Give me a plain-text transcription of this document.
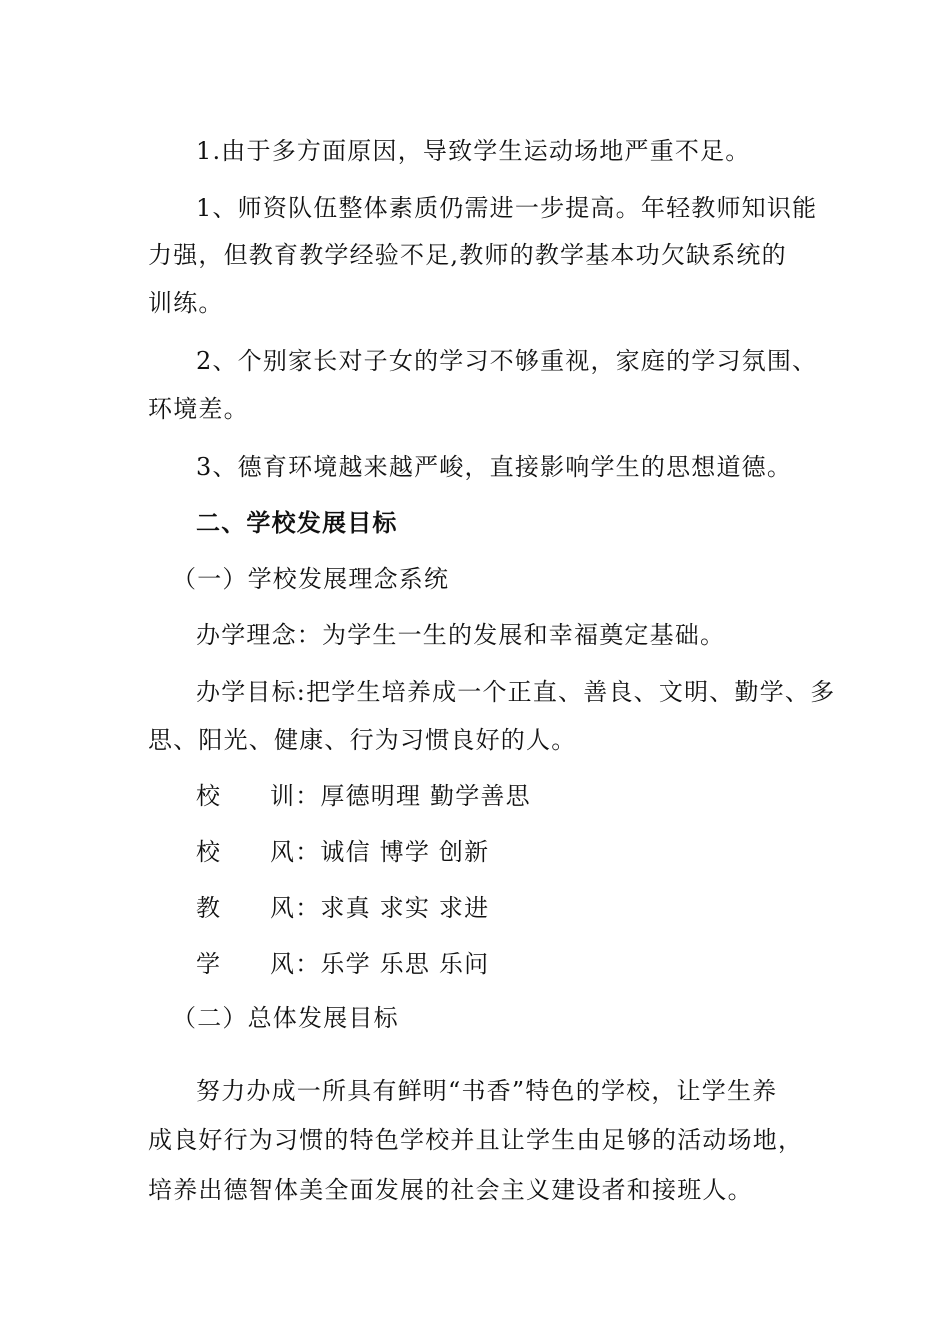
1.由于多方面原因，导致学生运动场地严重不足。
1、师资队伍整体素质仍需进一步提高。年轻教师知识能
力强，但教育教学经验不足,教师的教学基本功欠缺系统的
训练。
2、个别家长对子女的学习不够重视，家庭的学习氛围、
环境差。
3、德育环境越来越严峻，直接影响学生的思想道德。
二、学校发展目标
（一）学校发展理念系统
办学理念：为学生一生的发展和幸福奠定基础。
办学目标:把学生培养成一个正直、善良、文明、勤学、多
思、阳光、健康、行为习惯良好的人。
校 训：厚德明理 勤学善思
校 风：诚信 博学 创新
教 风：求真 求实 求进
学 风：乐学 乐思 乐问
（二）总体发展目标
努力办成一所具有鲜明“书香”特色的学校，让学生养
成良好行为习惯的特色学校并且让学生由足够的活动场地，
培养出德智体美全面发展的社会主义建设者和接班人。
